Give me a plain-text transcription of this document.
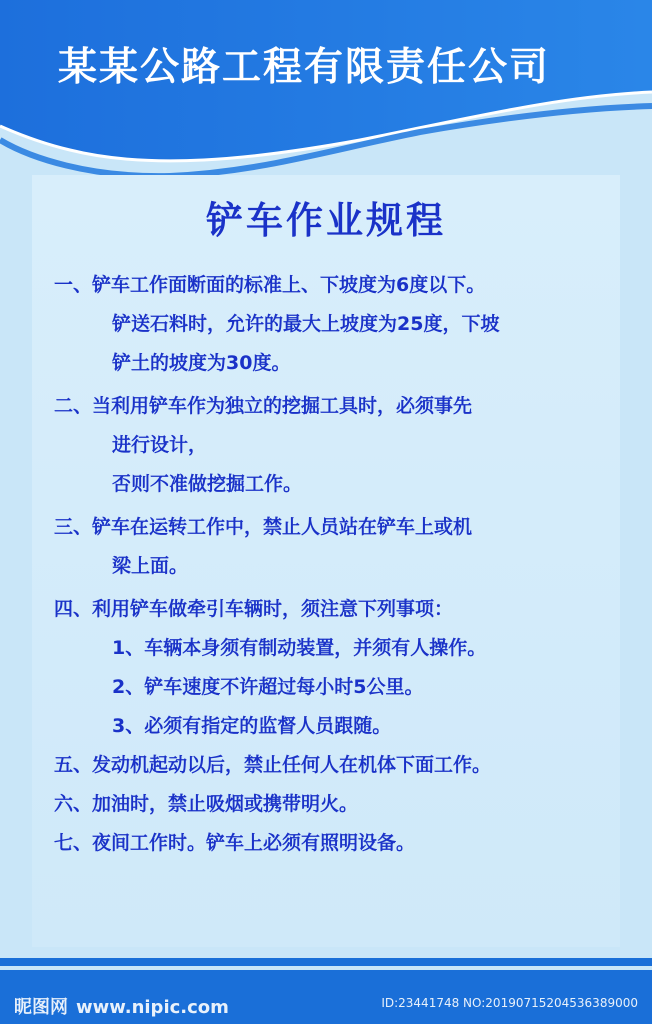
某某公路工程有限责任公司
铲车作业规程
一、铲车工作面断面的标准上、下坡度为6度以下。
铲送石料时，允许的最大上坡度为25度，下坡
铲土的坡度为30度。
二、当利用铲车作为独立的挖掘工具时，必须事先
进行设计，
否则不准做挖掘工作。
三、铲车在运转工作中，禁止人员站在铲车上或机
梁上面。
四、利用铲车做牵引车辆时，须注意下列事项：
1、车辆本身须有制动装置，并须有人操作。
2、铲车速度不许超过每小时5公里。
3、必须有指定的监督人员跟随。
五、发动机起动以后，禁止任何人在机体下面工作。
六、加油时，禁止吸烟或携带明火。
七、夜间工作时。铲车上必须有照明设备。
昵图网 www.nipic.com	ID:23441748 NO:20190715204536389000
